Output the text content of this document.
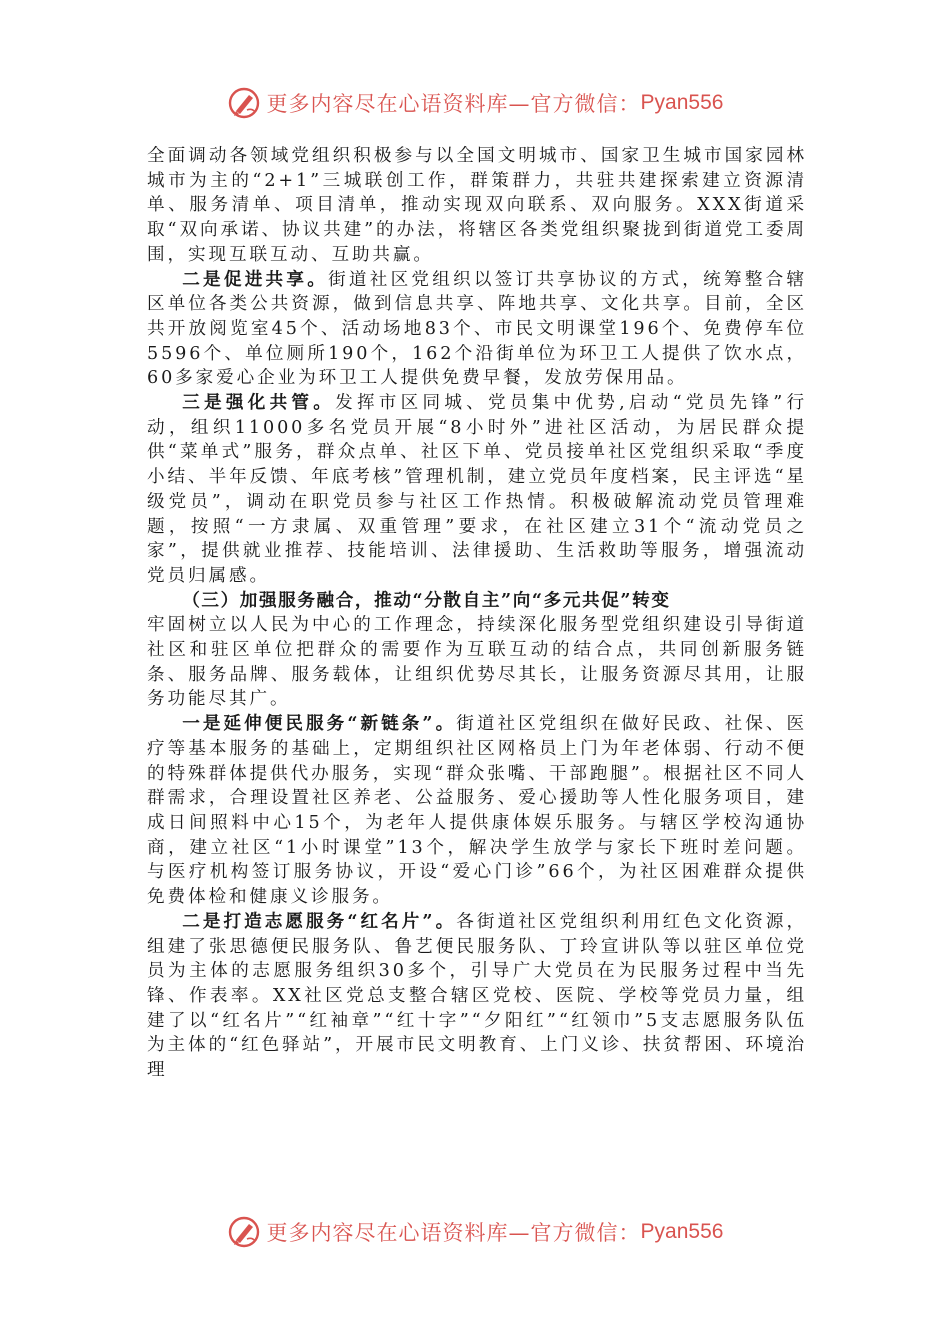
更多内容尽在心语资料库—官方微信： Pyan556

全面调动各领域党组织积极参与以全国文明城市、国家卫生城市国家园林城市为主的“2+1”三城联创工作，群策群力，共驻共建探索建立资源清单、服务清单、项目清单，推动实现双向联系、双向服务。XXX街道采取“双向承诺、协议共建”的办法，将辖区各类党组织聚拢到街道党工委周围，实现互联互动、互助共赢。

二是促进共享。街道社区党组织以签订共享协议的方式，统筹整合辖区单位各类公共资源，做到信息共享、阵地共享、文化共享。目前，全区共开放阅览室45个、活动场地83个、市民文明课堂196个、免费停车位5596个、单位厕所190个，162个沿街单位为环卫工人提供了饮水点，60多家爱心企业为环卫工人提供免费早餐，发放劳保用品。

三是强化共管。发挥市区同城、党员集中优势,启动“党员先锋”行动，组织11000多名党员开展“8小时外”进社区活动，为居民群众提供“菜单式”服务，群众点单、社区下单、党员接单社区党组织采取“季度小结、半年反馈、年底考核”管理机制，建立党员年度档案，民主评选“星级党员”，调动在职党员参与社区工作热情。积极破解流动党员管理难题，按照“一方隶属、双重管理”要求，在社区建立31个“流动党员之家”，提供就业推荐、技能培训、法律援助、生活救助等服务，增强流动党员归属感。

（三）加强服务融合，推动“分散自主”向“多元共促”转变

牢固树立以人民为中心的工作理念，持续深化服务型党组织建设引导街道社区和驻区单位把群众的需要作为互联互动的结合点，共同创新服务链条、服务品牌、服务载体，让组织优势尽其长，让服务资源尽其用，让服务功能尽其广。

一是延伸便民服务“新链条”。街道社区党组织在做好民政、社保、医疗等基本服务的基础上，定期组织社区网格员上门为年老体弱、行动不便的特殊群体提供代办服务，实现“群众张嘴、干部跑腿”。根据社区不同人群需求，合理设置社区养老、公益服务、爱心援助等人性化服务项目，建成日间照料中心15个，为老年人提供康体娱乐服务。与辖区学校沟通协商，建立社区“1小时课堂”13个，解决学生放学与家长下班时差问题。与医疗机构签订服务协议，开设“爱心门诊”66个，为社区困难群众提供免费体检和健康义诊服务。

二是打造志愿服务“红名片”。各街道社区党组织利用红色文化资源，组建了张思德便民服务队、鲁艺便民服务队、丁玲宣讲队等以驻区单位党员为主体的志愿服务组织30多个，引导广大党员在为民服务过程中当先锋、作表率。XX社区党总支整合辖区党校、医院、学校等党员力量，组建了以“红名片”“红袖章”“红十字”“夕阳红”“红领巾”5支志愿服务队伍为主体的“红色驿站”，开展市民文明教育、上门义诊、扶贫帮困、环境治理

更多内容尽在心语资料库—官方微信： Pyan556
